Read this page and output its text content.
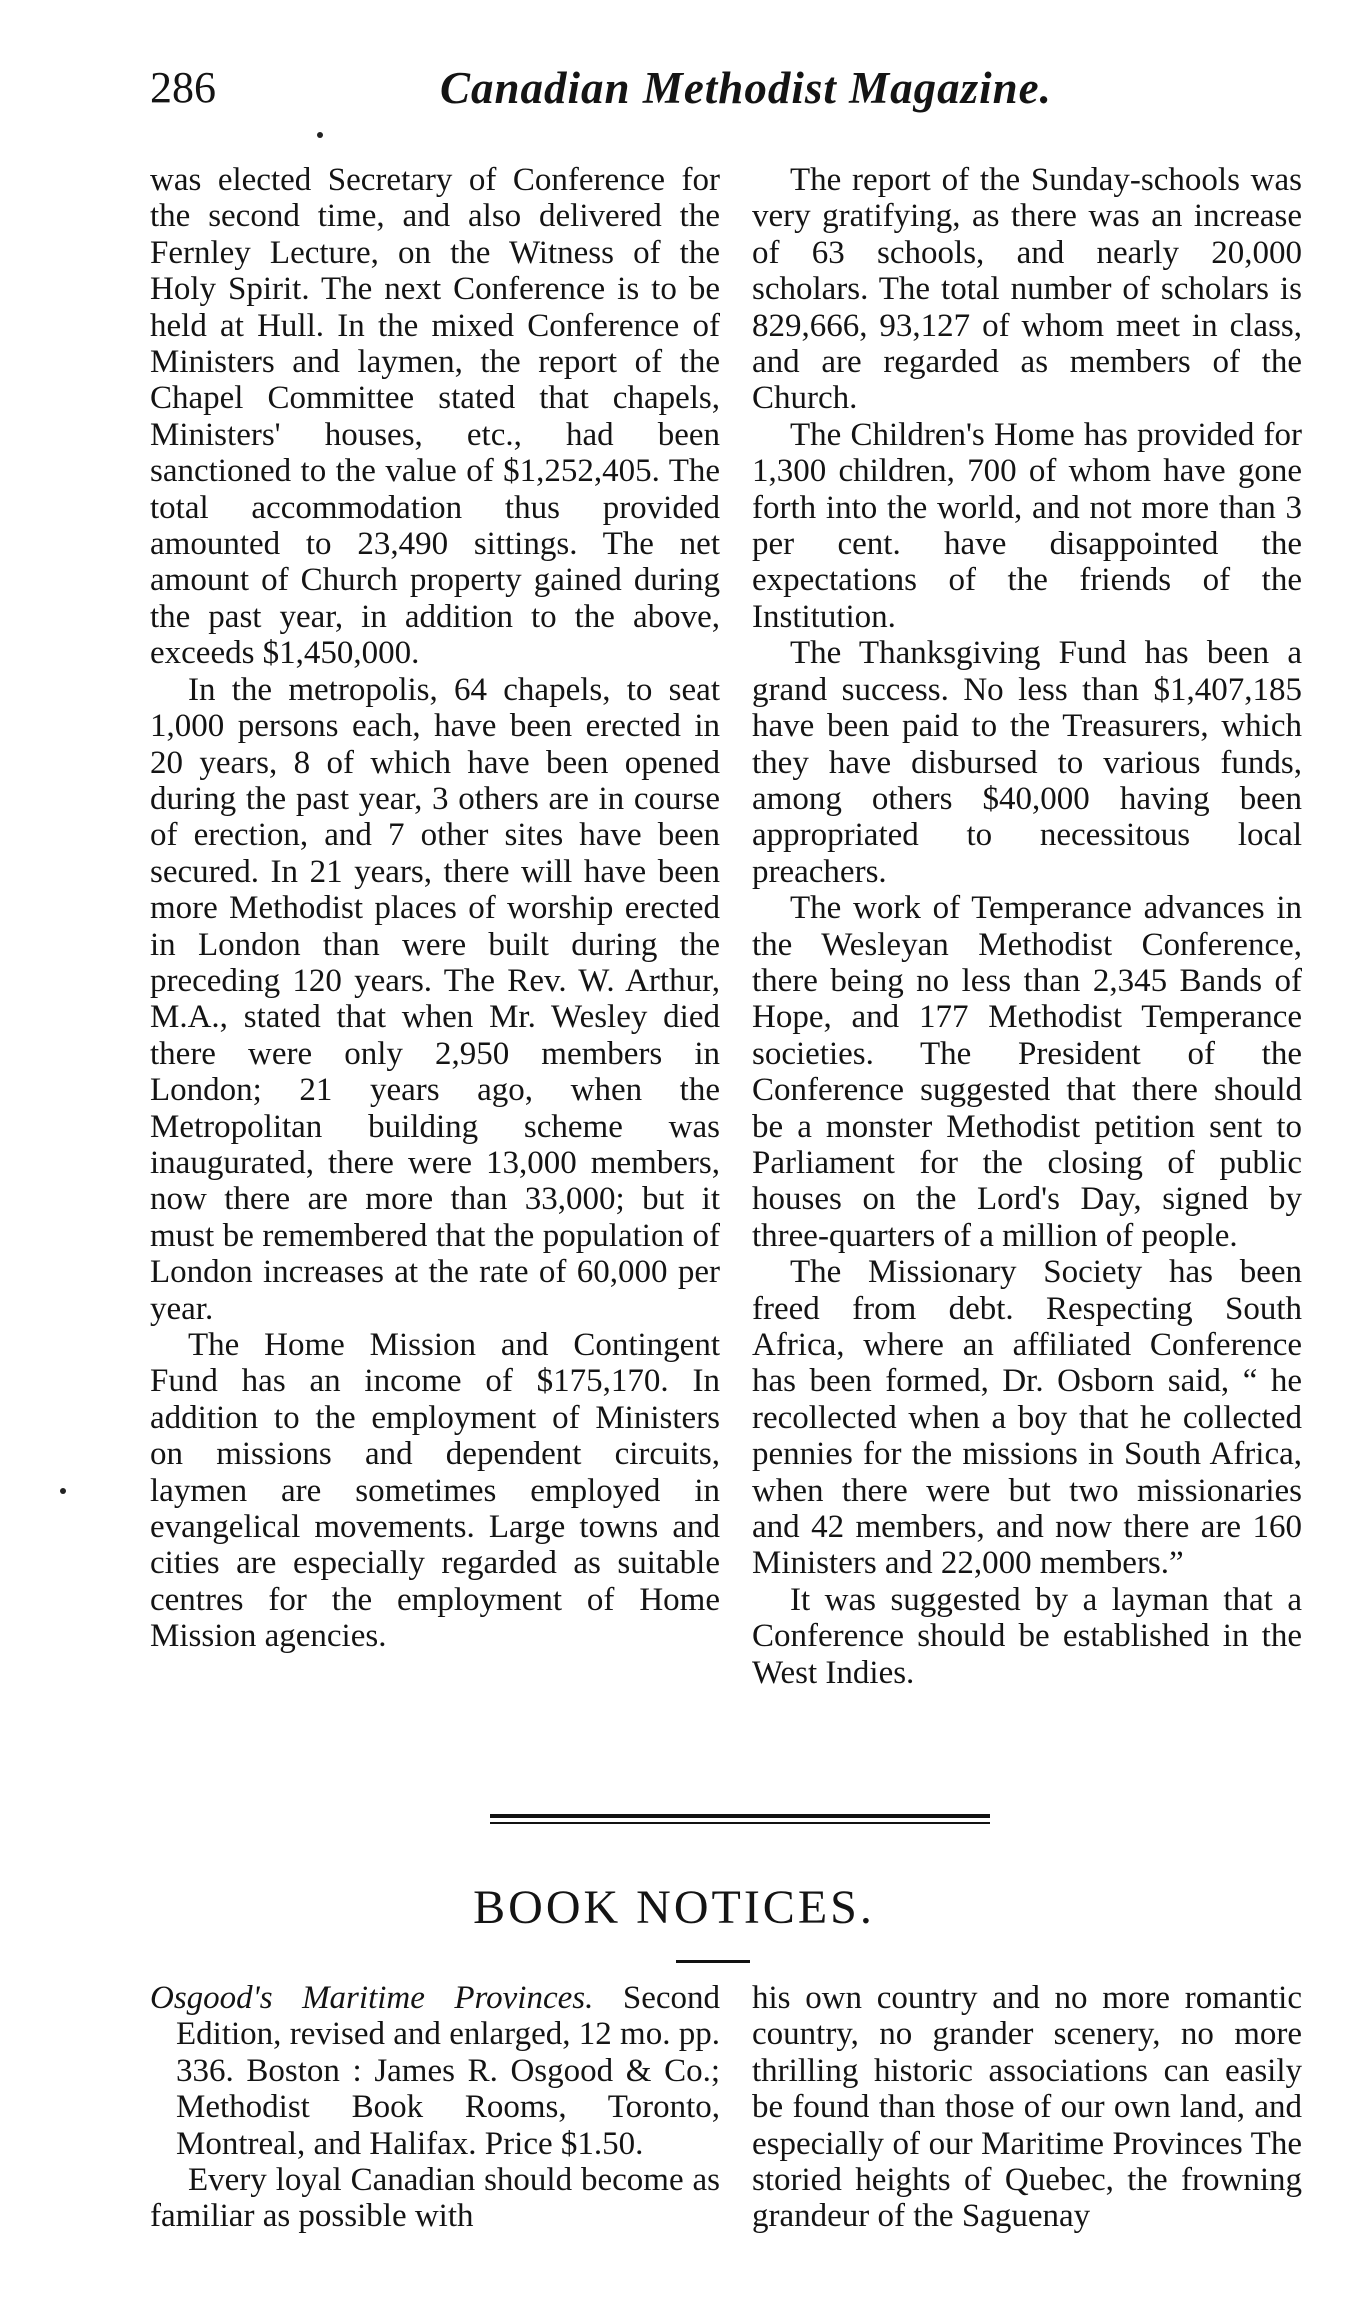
286	Canadian Methodist Magazine.

was elected Secretary of Conference for the second time, and also delivered the Fernley Lecture, on the Witness of the Holy Spirit. The next Conference is to be held at Hull. In the mixed Conference of Ministers and laymen, the report of the Chapel Committee stated that chapels, Ministers' houses, etc., had been sanctioned to the value of $1,252,405. The total accommodation thus provided amounted to 23,490 sittings. The net amount of Church property gained during the past year, in addition to the above, exceeds $1,450,000.

In the metropolis, 64 chapels, to seat 1,000 persons each, have been erected in 20 years, 8 of which have been opened during the past year, 3 others are in course of erection, and 7 other sites have been secured. In 21 years, there will have been more Methodist places of worship erected in London than were built during the preceding 120 years. The Rev. W. Arthur, M.A., stated that when Mr. Wesley died there were only 2,950 members in London; 21 years ago, when the Metropolitan building scheme was inaugurated, there were 13,000 members, now there are more than 33,000; but it must be remembered that the population of London increases at the rate of 60,000 per year.

The Home Mission and Contingent Fund has an income of $175,170. In addition to the employment of Ministers on missions and dependent circuits, laymen are sometimes employed in evangelical movements. Large towns and cities are especially regarded as suitable centres for the employment of Home Mission agencies.

The report of the Sunday-schools was very gratifying, as there was an increase of 63 schools, and nearly 20,000 scholars. The total number of scholars is 829,666, 93,127 of whom meet in class, and are regarded as members of the Church.

The Children's Home has provided for 1,300 children, 700 of whom have gone forth into the world, and not more than 3 per cent. have disappointed the expectations of the friends of the Institution.

The Thanksgiving Fund has been a grand success. No less than $1,407,185 have been paid to the Treasurers, which they have disbursed to various funds, among others $40,000 having been appropriated to necessitous local preachers.

The work of Temperance advances in the Wesleyan Methodist Conference, there being no less than 2,345 Bands of Hope, and 177 Methodist Temperance societies. The President of the Conference suggested that there should be a monster Methodist petition sent to Parliament for the closing of public houses on the Lord's Day, signed by three-quarters of a million of people.

The Missionary Society has been freed from debt. Respecting South Africa, where an affiliated Conference has been formed, Dr. Osborn said, “ he recollected when a boy that he collected pennies for the missions in South Africa, when there were but two missionaries and 42 members, and now there are 160 Ministers and 22,000 members.”

It was suggested by a layman that a Conference should be established in the West Indies.

BOOK NOTICES.

Osgood's Maritime Provinces. Second Edition, revised and enlarged, 12 mo. pp. 336. Boston : James R. Osgood & Co.; Methodist Book Rooms, Toronto, Montreal, and Halifax. Price $1.50.

Every loyal Canadian should become as familiar as possible with

his own country and no more romantic country, no grander scenery, no more thrilling historic associations can easily be found than those of our own land, and especially of our Maritime Provinces The storied heights of Quebec, the frowning grandeur of the Saguenay
